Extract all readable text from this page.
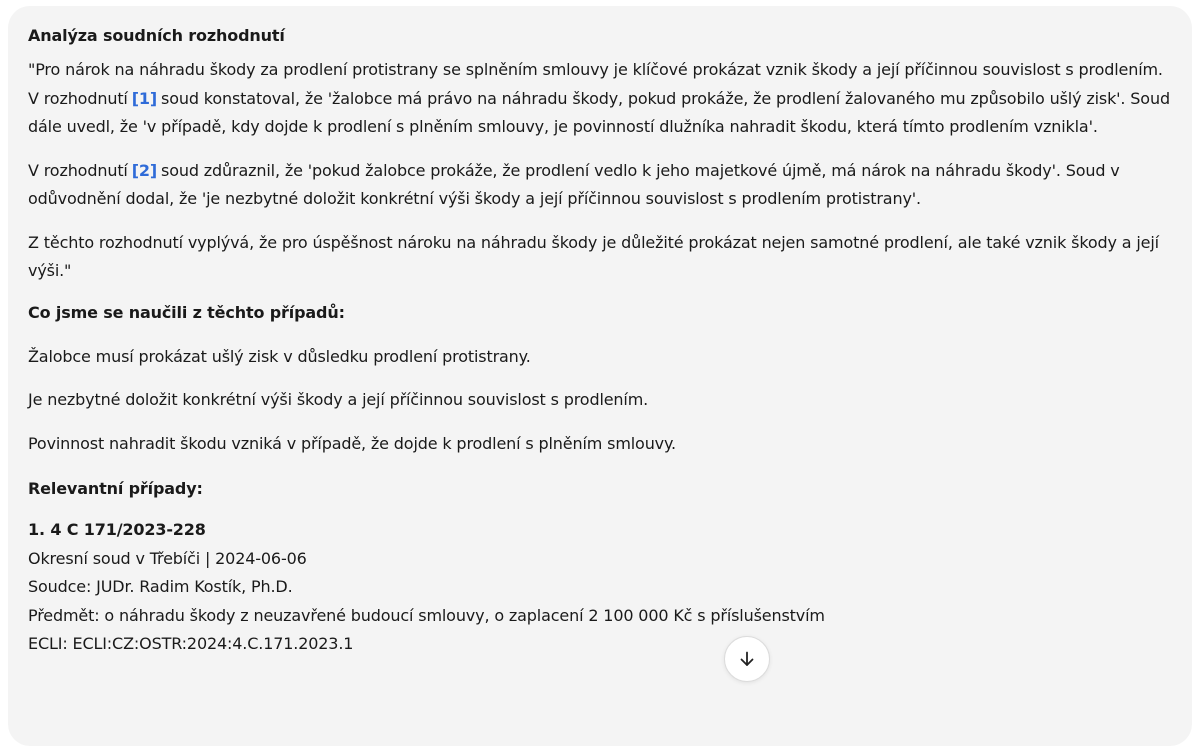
Analýza soudních rozhodnutí

"Pro nárok na náhradu škody za prodlení protistrany se splněním smlouvy je klíčové prokázat vznik škody a její příčinnou souvislost s prodlením. V rozhodnutí [1] soud konstatoval, že 'žalobce má právo na náhradu škody, pokud prokáže, že prodlení žalovaného mu způsobilo ušlý zisk'. Soud dále uvedl, že 'v případě, kdy dojde k prodlení s plněním smlouvy, je povinností dlužníka nahradit škodu, která tímto prodlením vznikla'.

V rozhodnutí [2] soud zdůraznil, že 'pokud žalobce prokáže, že prodlení vedlo k jeho majetkové újmě, má nárok na náhradu škody'. Soud v odůvodnění dodal, že 'je nezbytné doložit konkrétní výši škody a její příčinnou souvislost s prodlením protistrany'.

Z těchto rozhodnutí vyplývá, že pro úspěšnost nároku na náhradu škody je důležité prokázat nejen samotné prodlení, ale také vznik škody a její výši."

Co jsme se naučili z těchto případů:

Žalobce musí prokázat ušlý zisk v důsledku prodlení protistrany.

Je nezbytné doložit konkrétní výši škody a její příčinnou souvislost s prodlením.

Povinnost nahradit škodu vzniká v případě, že dojde k prodlení s plněním smlouvy.

Relevantní případy:

1. 4 C 171/2023-228
Okresní soud v Třebíči | 2024-06-06
Soudce: JUDr. Radim Kostík, Ph.D.
Předmět: o náhradu škody z neuzavřené budoucí smlouvy, o zaplacení 2 100 000 Kč s příslušenstvím
ECLI: ECLI:CZ:OSTR:2024:4.C.171.2023.1
